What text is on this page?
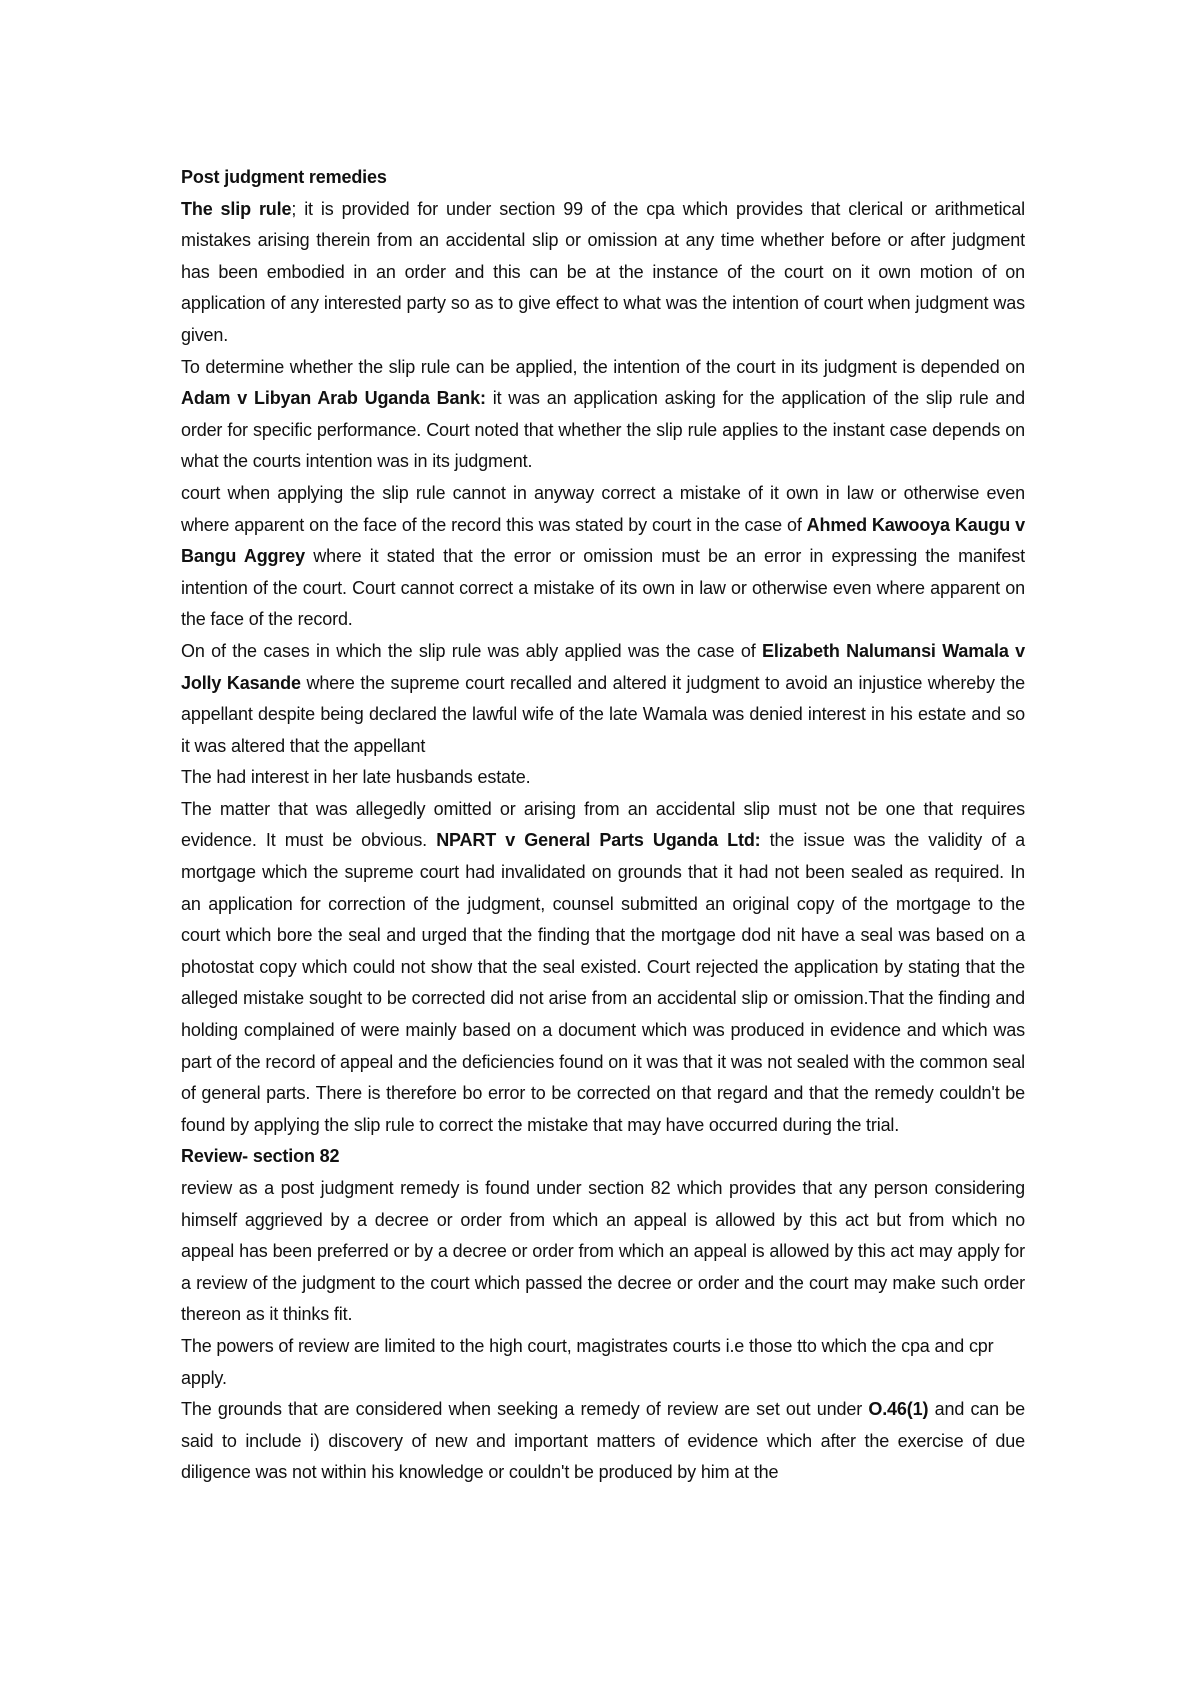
Post judgment remedies

The slip rule; it is provided for under section 99 of the cpa which provides that clerical or arithmetical mistakes arising therein from an accidental slip or omission at any time whether before or after judgment has been embodied in an order and this can be at the instance of the court on it own motion of on application of any interested party so as to give effect to what was the intention of court when judgment was given.

To determine whether the slip rule can be applied, the intention of the court in its judgment is depended on Adam v Libyan Arab Uganda Bank: it was an application asking for the application of the slip rule and order for specific performance. Court noted that whether the slip rule applies to the instant case depends on what the courts intention was in its judgment.

court when applying the slip rule cannot in anyway correct a mistake of it own in law or otherwise even where apparent on the face of the record this was stated by court in the case of Ahmed Kawooya Kaugu v Bangu Aggrey where it stated that the error or omission must be an error in expressing the manifest intention of the court. Court cannot correct a mistake of its own in law or otherwise even where apparent on the face of the record.

On of the cases in which the slip rule was ably applied was the case of Elizabeth Nalumansi Wamala v Jolly Kasande where the supreme court recalled and altered it judgment to avoid an injustice whereby the appellant despite being declared the lawful wife of the late Wamala was denied interest in his estate and so it was altered that the appellant

The had interest in her late husbands estate.

The matter that was allegedly omitted or arising from an accidental slip must not be one that requires evidence. It must be obvious. NPART v General Parts Uganda Ltd: the issue was the validity of a mortgage which the supreme court had invalidated on grounds that it had not been sealed as required. In an application for correction of the judgment, counsel submitted an original copy of the mortgage to the court which bore the seal and urged that the finding that the mortgage dod nit have a seal was based on a photostat copy which could not show that the seal existed. Court rejected the application by stating that the alleged mistake sought to be corrected did not arise from an accidental slip or omission.That the finding and holding complained of were mainly based on a document which was produced in evidence and which was part of the record of appeal and the deficiencies found on it was that it was not sealed with the common seal of general parts. There is therefore bo error to be corrected on that regard and that the remedy couldn't be found by applying the slip rule to correct the mistake that may have occurred during the trial.

Review- section 82

review as a post judgment remedy is found under section 82 which provides that any person considering himself aggrieved by a decree or order from which an appeal is allowed by this act but from which no appeal has been preferred or by a decree or order from which an appeal is allowed by this act may apply for a review of the judgment to the court which passed the decree or order and the court may make such order thereon as it thinks fit.

The powers of review are limited to the high court, magistrates courts i.e those tto which the cpa and cpr apply.

The grounds that are considered when seeking a remedy of review are set out under O.46(1) and can be said to include i) discovery of new and important matters of evidence which after the exercise of due diligence was not within his knowledge or couldn't be produced by him at the
